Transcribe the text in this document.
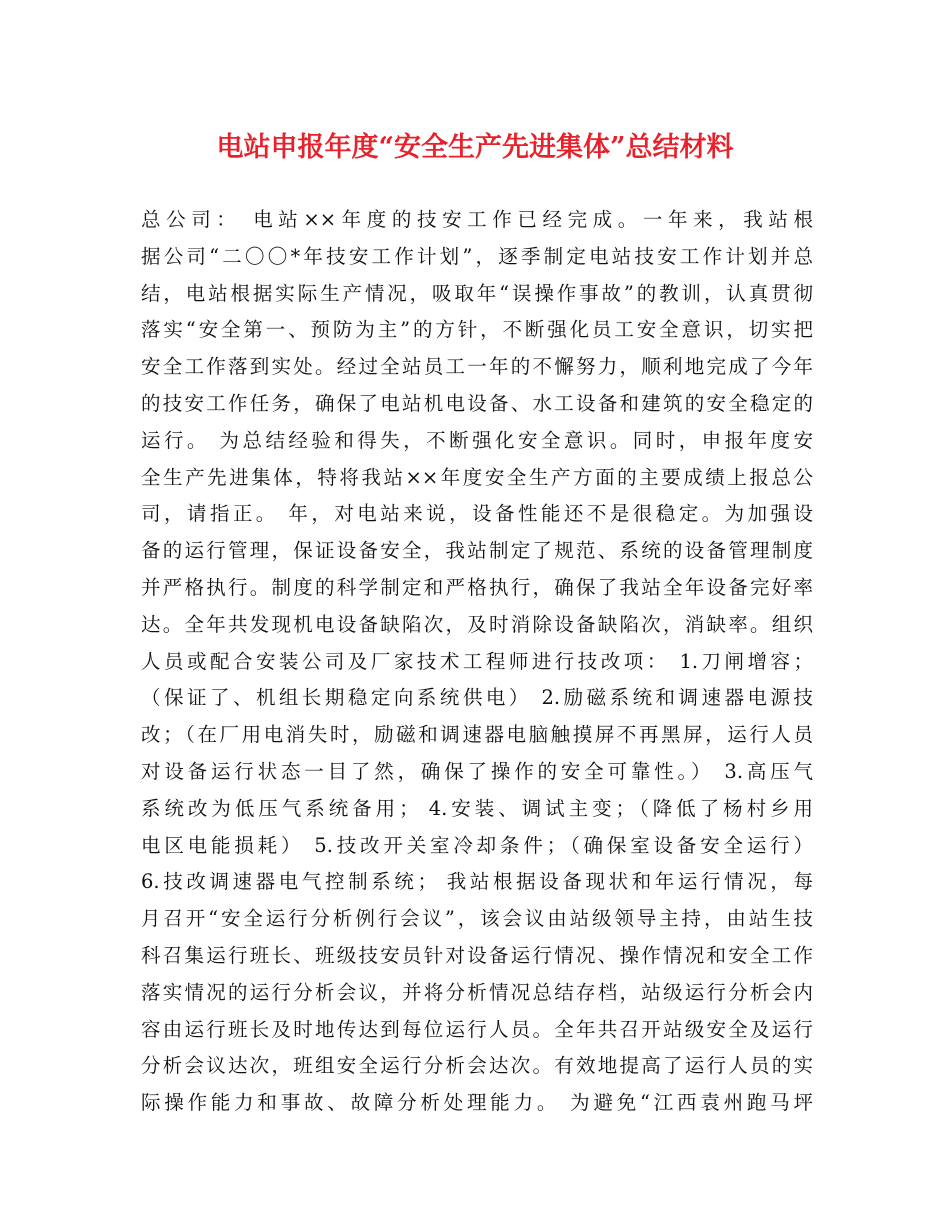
电站申报年度“安全生产先进集体”总结材料
总公司： 电站××年度的技安工作已经完成。一年来，我站根
据公司“二〇〇*年技安工作计划”，逐季制定电站技安工作计划并总
结，电站根据实际生产情况，吸取年“误操作事故”的教训，认真贯彻
落实“安全第一、预防为主”的方针，不断强化员工安全意识，切实把
安全工作落到实处。经过全站员工一年的不懈努力，顺利地完成了今年
的技安工作任务，确保了电站机电设备、水工设备和建筑的安全稳定的
运行。 为总结经验和得失，不断强化安全意识。同时，申报年度安
全生产先进集体，特将我站××年度安全生产方面的主要成绩上报总公
司，请指正。 年，对电站来说，设备性能还不是很稳定。为加强设
备的运行管理，保证设备安全，我站制定了规范、系统的设备管理制度
并严格执行。制度的科学制定和严格执行，确保了我站全年设备完好率
达。全年共发现机电设备缺陷次，及时消除设备缺陷次，消缺率。组织
人员或配合安装公司及厂家技术工程师进行技改项： 1.刀闸增容；
（保证了、机组长期稳定向系统供电） 2.励磁系统和调速器电源技
改；（在厂用电消失时，励磁和调速器电脑触摸屏不再黑屏，运行人员
对设备运行状态一目了然，确保了操作的安全可靠性。） 3.高压气
系统改为低压气系统备用； 4.安装、调试主变；（降低了杨村乡用
电区电能损耗） 5.技改开关室冷却条件；（确保室设备安全运行）
6.技改调速器电气控制系统； 我站根据设备现状和年运行情况，每
月召开“安全运行分析例行会议”，该会议由站级领导主持，由站生技
科召集运行班长、班级技安员针对设备运行情况、操作情况和安全工作
落实情况的运行分析会议，并将分析情况总结存档，站级运行分析会内
容由运行班长及时地传达到每位运行人员。全年共召开站级安全及运行
分析会议达次，班组安全运行分析会达次。有效地提高了运行人员的实
际操作能力和事故、故障分析处理能力。 为避免“江西袁州跑马坪
